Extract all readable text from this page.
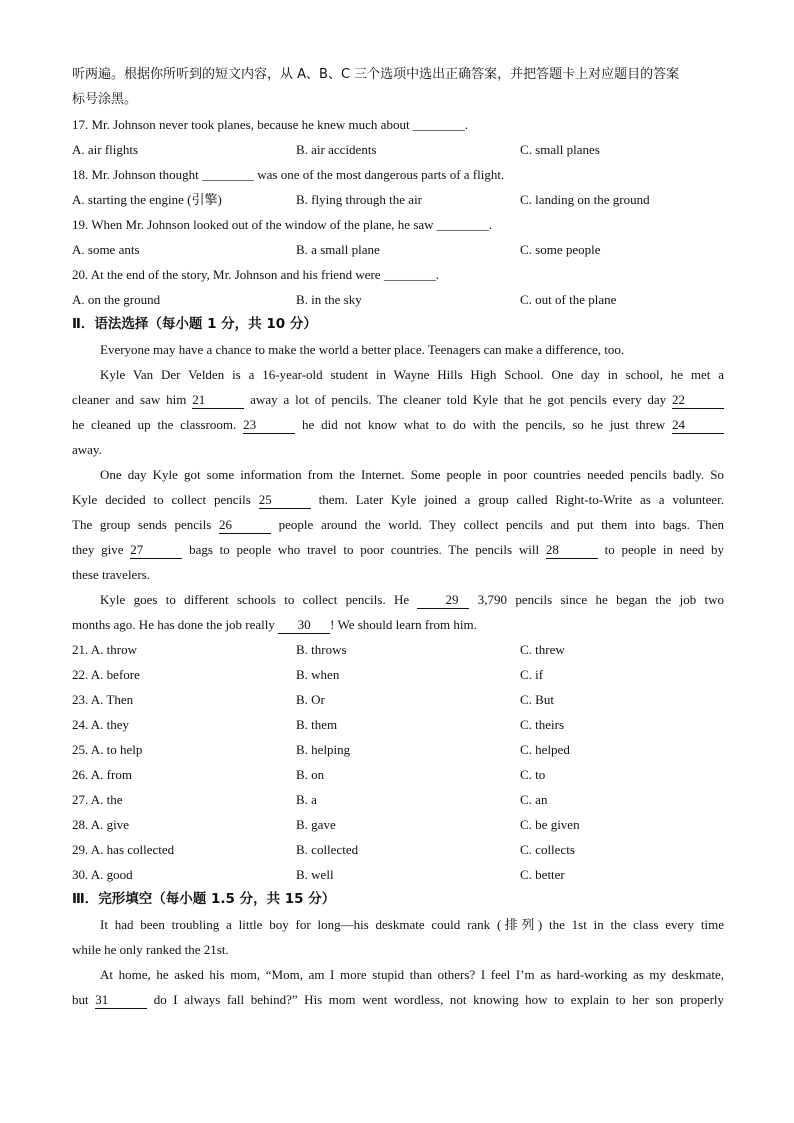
听两遍。根据你所听到的短文内容，从 A、B、C 三个选项中选出正确答案，并把答题卡上对应题目的答案
标号涂黑。
17. Mr. Johnson never took planes, because he knew much about ________.
A. air flights	B. air accidents	C. small planes
18. Mr. Johnson thought ________ was one of the most dangerous parts of a flight.
A. starting the engine (引擎)	B. flying through the air	C. landing on the ground
19. When Mr. Johnson looked out of the window of the plane, he saw ________.
A. some ants	B. a small plane	C. some people
20. At the end of the story, Mr. Johnson and his friend were ________.
A. on the ground	B. in the sky	C. out of the plane
Ⅱ．语法选择（每小题 1 分，共 10 分）
Everyone may have a chance to make the world a better place. Teenagers can make a difference, too.
Kyle Van Der Velden is a 16-year-old student in Wayne Hills High School. One day in school, he met a
cleaner and saw him 21	away a lot of pencils. The cleaner told Kyle that he got pencils every day 22
he cleaned up the classroom. 23	he did not know what to do with the pencils, so he just threw 24
away.
One day Kyle got some information from the Internet. Some people in poor countries needed pencils badly. So
Kyle decided to collect pencils 25	them. Later Kyle joined a group called Right-to-Write as a volunteer.
The group sends pencils 26	people around the world. They collect pencils and put them into bags. Then
they give 27	bags to people who travel to poor countries. The pencils will 28	to people in need by
these travelers.
Kyle goes to different schools to collect pencils. He	29 3,790 pencils since he began the job two
months ago. He has done the job really 30 ! We should learn from him.
21. A. throw	B. throws	C. threw
22. A. before	B. when	C. if
23. A. Then	B. Or	C. But
24. A. they	B. them	C. theirs
25. A. to help	B. helping	C. helped
26. A. from	B. on	C. to
27. A. the	B. a	C. an
28. A. give	B. gave	C. be given
29. A. has collected	B. collected	C. collects
30. A. good	B. well	C. better
Ⅲ．完形填空（每小题 1.5 分，共 15 分）
It had been troubling a little boy for long—his deskmate could rank (排列) the 1st in the class every time
while he only ranked the 21st.
At home, he asked his mom, “Mom, am I more stupid than others? I feel I’m as hard-working as my deskmate,
but 31	do I always fall behind?” His mom went wordless, not knowing how to explain to her son properly
